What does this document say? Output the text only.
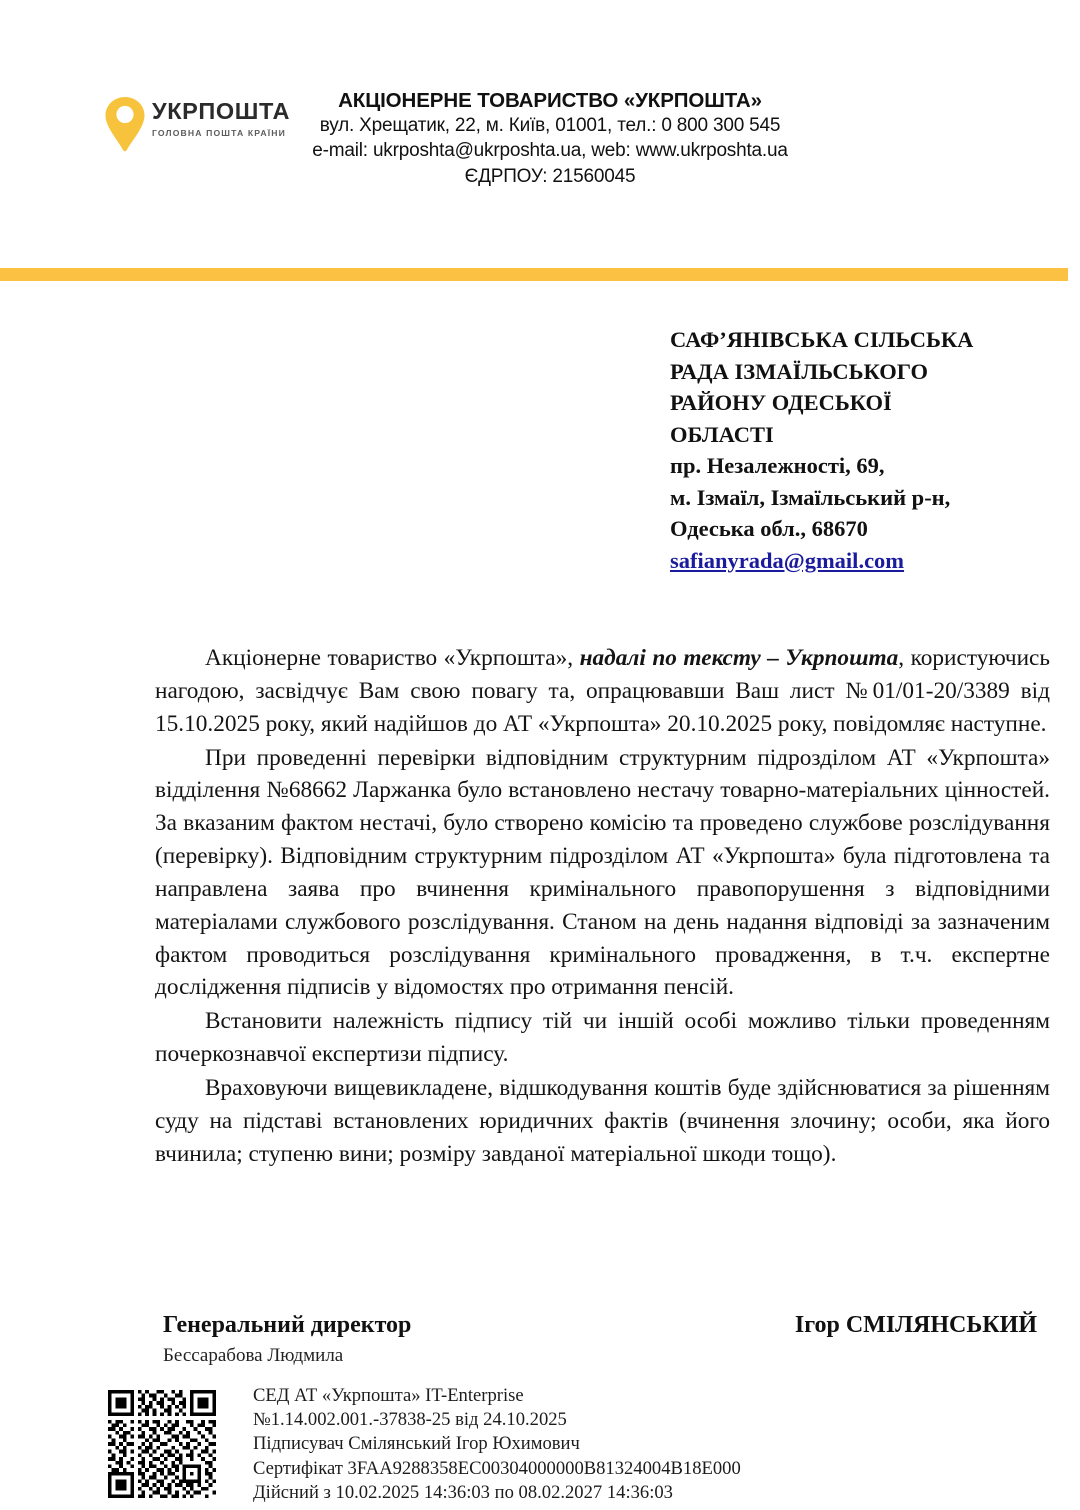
УКРПОШТА
ГОЛОВНА ПОШТА КРАЇНИ
АКЦІОНЕРНЕ ТОВАРИСТВО «УКРПОШТА»
вул. Хрещатик, 22, м. Київ, 01001, тел.: 0 800 300 545
e-mail: ukrposhta@ukrposhta.ua, web: www.ukrposhta.ua
ЄДРПОУ: 21560045
САФ’ЯНІВСЬКА СІЛЬСЬКА
РАДА ІЗМАЇЛЬСЬКОГО
РАЙОНУ ОДЕСЬКОЇ
ОБЛАСТІ
пр. Незалежності, 69,
м. Ізмаїл, Ізмаїльський р-н,
Одеська обл., 68670
safianyrada@gmail.com

Акціонерне товариство «Укрпошта», надалі по тексту – Укрпошта, користуючись нагодою, засвідчує Вам свою повагу та, опрацювавши Ваш лист №01/01-20/3389 від 15.10.2025 року, який надійшов до АТ «Укрпошта» 20.10.2025 року, повідомляє наступне.

При проведенні перевірки відповідним структурним підрозділом АТ «Укрпошта» відділення №68662 Ларжанка було встановлено нестачу товарно-матеріальних цінностей. За вказаним фактом нестачі, було створено комісію та проведено службове розслідування (перевірку). Відповідним структурним підрозділом АТ «Укрпошта» була підготовлена та направлена заява про вчинення кримінального правопорушення з відповідними матеріалами службового розслідування. Станом на день надання відповіді за зазначеним фактом проводиться розслідування кримінального провадження, в т.ч. експертне дослідження підписів у відомостях про отримання пенсій.

Встановити належність підпису тій чи іншій особі можливо тільки проведенням почеркознавчої експертизи підпису.

Враховуючи вищевикладене, відшкодування коштів буде здійснюватися за рішенням суду на підставі встановлених юридичних фактів (вчинення злочину; особи, яка його вчинила; ступеню вини; розміру завданої матеріальної шкоди тощо).

Генеральний директор	Ігор СМІЛЯНСЬКИЙ
Бессарабова Людмила
СЕД АТ «Укрпошта» IT-Enterprise
№1.14.002.001.-37838-25 від 24.10.2025
Підписувач Смілянський Ігор Юхимович
Сертифікат 3FAA9288358EC00304000000B81324004B18E000
Дійсний з 10.02.2025 14:36:03 по 08.02.2027 14:36:03
